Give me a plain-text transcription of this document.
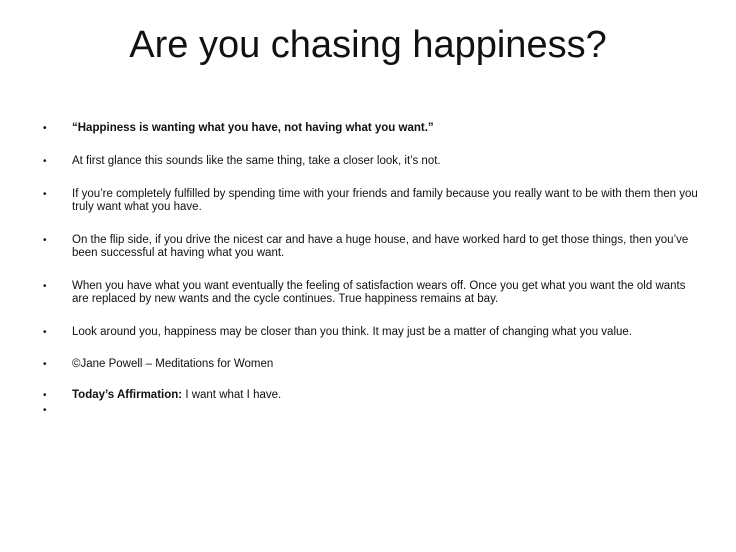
Are you chasing happiness?
• “Happiness is wanting what you have, not having what you want.”
• At first glance this sounds like the same thing, take a closer look, it’s not.
• If you’re completely fulfilled by spending time with your friends and family because you really want to be with them then you truly want what you have.
• On the flip side, if you drive the nicest car and have a huge house, and have worked hard to get those things, then you’ve been successful at having what you want.
• When you have what you want eventually the feeling of satisfaction wears off. Once you get what you want the old wants are replaced by new wants and the cycle continues. True happiness remains at bay.
• Look around you, happiness may be closer than you think. It may just be a matter of changing what you value.
• ©Jane Powell – Meditations for Women
• Today’s Affirmation: I want what I have.
•
